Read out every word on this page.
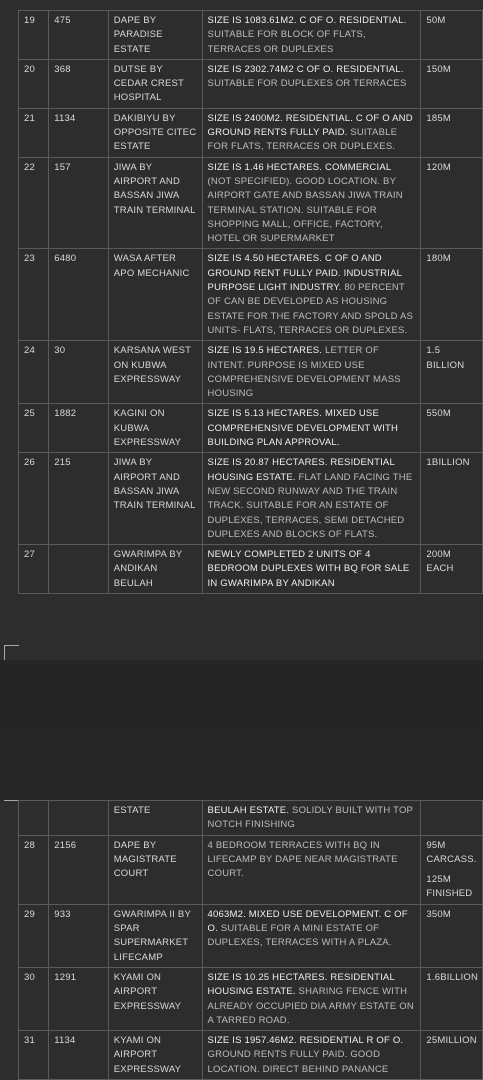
19	475	DAPE BY PARADISE ESTATE	SIZE IS 1083.61M2. C OF O. RESIDENTIAL. SUITABLE FOR BLOCK OF FLATS, TERRACES OR DUPLEXES	50M
20	368	DUTSE BY CEDAR CREST HOSPITAL	SIZE IS 2302.74M2 C OF O. RESIDENTIAL. SUITABLE FOR DUPLEXES OR TERRACES	150M
21	1134	DAKIBIYU BY OPPOSITE CITEC ESTATE	SIZE IS 2400M2. RESIDENTIAL. C OF O AND GROUND RENTS FULLY PAID. SUITABLE FOR FLATS, TERRACES OR DUPLEXES.	185M
22	157	JIWA BY AIRPORT AND BASSAN JIWA TRAIN TERMINAL	SIZE IS 1.46 HECTARES. COMMERCIAL (NOT SPECIFIED). GOOD LOCATION. BY AIRPORT GATE AND BASSAN JIWA TRAIN TERMINAL STATION. SUITABLE FOR SHOPPING MALL, OFFICE, FACTORY, HOTEL OR SUPERMARKET	120M
23	6480	WASA AFTER APO MECHANIC	SIZE IS 4.50 HECTARES. C OF O AND GROUND RENT FULLY PAID. INDUSTRIAL PURPOSE LIGHT INDUSTRY. 80 PERCENT OF CAN BE DEVELOPED AS HOUSING ESTATE FOR THE FACTORY AND SPOLD AS UNITS- FLATS, TERRACES OR DUPLEXES.	180M
24	30	KARSANA WEST ON KUBWA EXPRESSWAY	SIZE IS 19.5 HECTARES. LETTER OF INTENT. PURPOSE IS MIXED USE COMPREHENSIVE DEVELOPMENT MASS HOUSING	1.5 BILLION
25	1882	KAGINI ON KUBWA EXPRESSWAY	SIZE IS 5.13 HECTARES. MIXED USE COMPREHENSIVE DEVELOPMENT WITH BUILDING PLAN APPROVAL.	550M
26	215	JIWA BY AIRPORT AND BASSAN JIWA TRAIN TERMINAL	SIZE IS 20.87 HECTARES. RESIDENTIAL HOUSING ESTATE. FLAT LAND FACING THE NEW SECOND RUNWAY AND THE TRAIN TRACK. SUITABLE FOR AN ESTATE OF DUPLEXES, TERRACES, SEMI DETACHED DUPLEXES AND BLOCKS OF FLATS.	1BILLION
27		GWARIMPA BY ANDIKAN BEULAH	NEWLY COMPLETED 2 UNITS OF 4 BEDROOM DUPLEXES WITH BQ FOR SALE IN GWARIMPA BY ANDIKAN	200M EACH
		ESTATE	BEULAH ESTATE. SOLIDLY BUILT WITH TOP NOTCH FINISHING	
28	2156	DAPE BY MAGISTRATE COURT	4 BEDROOM TERRACES WITH BQ IN LIFECAMP BY DAPE NEAR MAGISTRATE COURT.	95M CARCASS.
125M FINISHED

29	933	GWARIMPA II BY SPAR SUPERMARKET LIFECAMP	4063M2. MIXED USE DEVELOPMENT. C OF O. SUITABLE FOR A MINI ESTATE OF DUPLEXES, TERRACES WITH A PLAZA.	350M
30	1291	KYAMI ON AIRPORT EXPRESSWAY	SIZE IS 10.25 HECTARES. RESIDENTIAL HOUSING ESTATE. SHARING FENCE WITH ALREADY OCCUPIED DIA ARMY ESTATE ON A TARRED ROAD.	1.6BILLION
31	1134	KYAMI ON AIRPORT EXPRESSWAY	SIZE IS 1957.46M2. RESIDENTIAL R OF O. GROUND RENTS FULLY PAID. GOOD LOCATION. DIRECT BEHIND PANANCE	25MILLION
